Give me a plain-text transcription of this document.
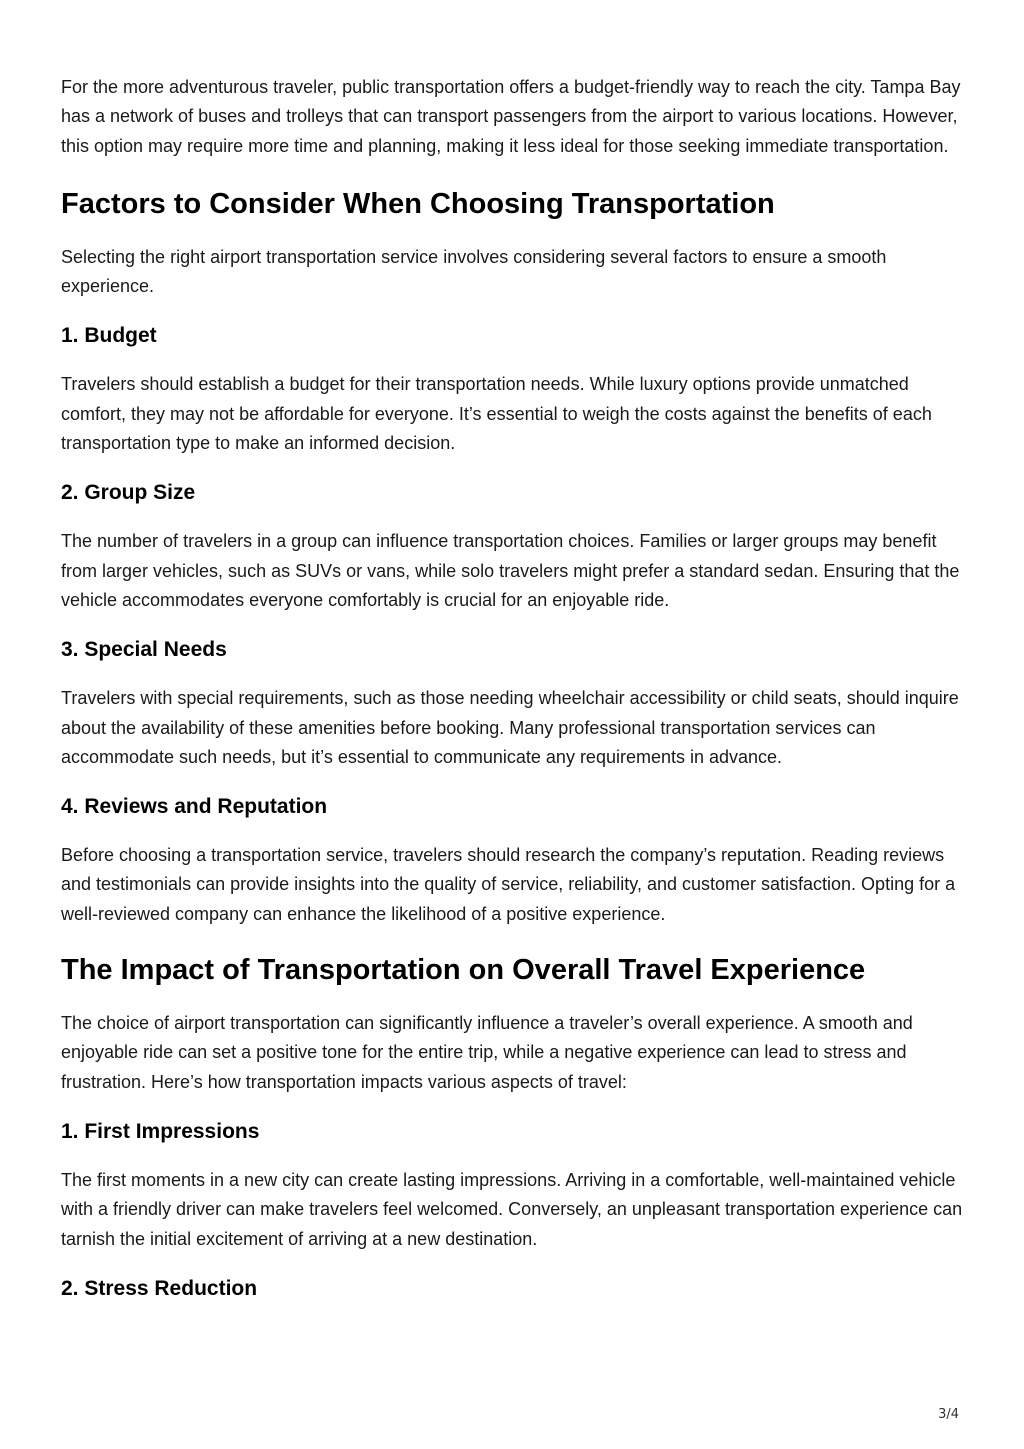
For the more adventurous traveler, public transportation offers a budget-friendly way to reach the city. Tampa Bay has a network of buses and trolleys that can transport passengers from the airport to various locations. However, this option may require more time and planning, making it less ideal for those seeking immediate transportation.

Factors to Consider When Choosing Transportation

Selecting the right airport transportation service involves considering several factors to ensure a smooth experience.

1. Budget

Travelers should establish a budget for their transportation needs. While luxury options provide unmatched comfort, they may not be affordable for everyone. It’s essential to weigh the costs against the benefits of each transportation type to make an informed decision.

2. Group Size

The number of travelers in a group can influence transportation choices. Families or larger groups may benefit from larger vehicles, such as SUVs or vans, while solo travelers might prefer a standard sedan. Ensuring that the vehicle accommodates everyone comfortably is crucial for an enjoyable ride.

3. Special Needs

Travelers with special requirements, such as those needing wheelchair accessibility or child seats, should inquire about the availability of these amenities before booking. Many professional transportation services can accommodate such needs, but it’s essential to communicate any requirements in advance.

4. Reviews and Reputation

Before choosing a transportation service, travelers should research the company’s reputation. Reading reviews and testimonials can provide insights into the quality of service, reliability, and customer satisfaction. Opting for a well-reviewed company can enhance the likelihood of a positive experience.

The Impact of Transportation on Overall Travel Experience

The choice of airport transportation can significantly influence a traveler’s overall experience. A smooth and enjoyable ride can set a positive tone for the entire trip, while a negative experience can lead to stress and frustration. Here’s how transportation impacts various aspects of travel:

1. First Impressions

The first moments in a new city can create lasting impressions. Arriving in a comfortable, well-maintained vehicle with a friendly driver can make travelers feel welcomed. Conversely, an unpleasant transportation experience can tarnish the initial excitement of arriving at a new destination.

2. Stress Reduction
3/4
